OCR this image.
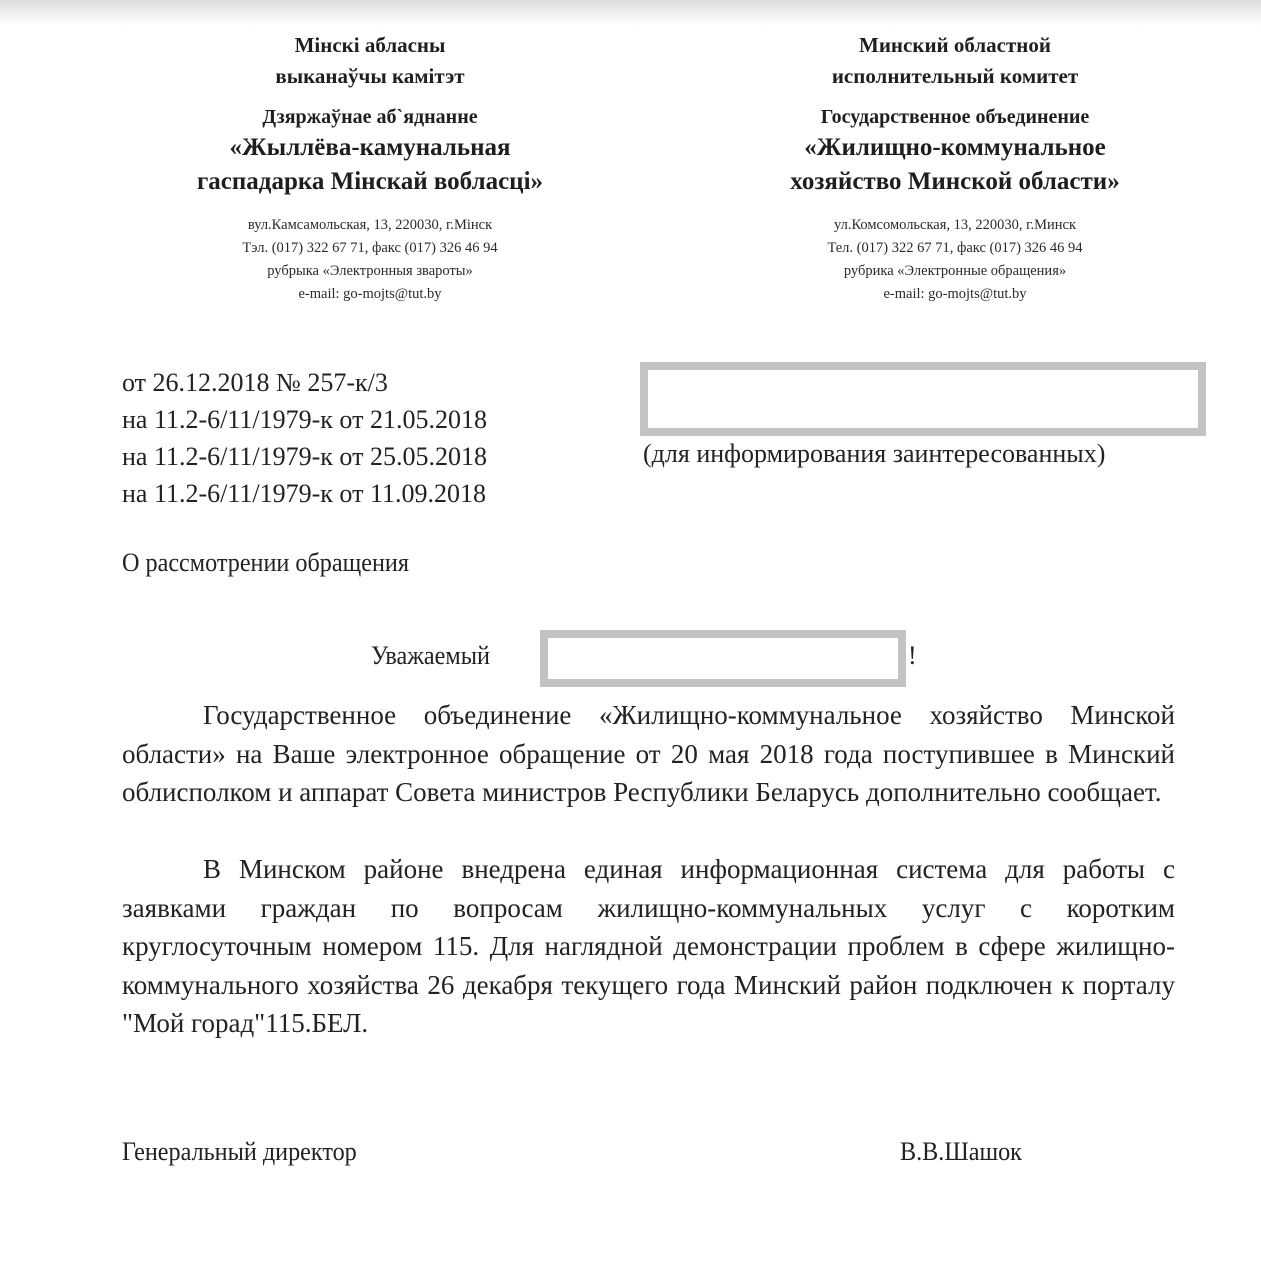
Мінскі абласны
выканаўчы камітэт
Дзяржаўнае аб`яднанне
«Жыллёва-камунальная
гаспадарка Мінскай вобласці»
вул.Камсамольская, 13, 220030, г.Мінск
Тэл. (017) 322 67 71, факс (017) 326 46 94
рубрыка «Электронныя звароты»
e-mail: go-mojts@tut.by
Минский областной
исполнительный комитет
Государственное объединение
«Жилищно-коммунальное
хозяйство Минской области»
ул.Комсомольская, 13, 220030, г.Минск
Тел. (017) 322 67 71, факс (017) 326 46 94
рубрика «Электронные обращения»
e-mail: go-mojts@tut.by
от 26.12.2018 № 257-к/3
на 11.2-6/11/1979-к от 21.05.2018
на 11.2-6/11/1979-к от 25.05.2018
на 11.2-6/11/1979-к от 11.09.2018
(для информирования заинтересованных)
О рассмотрении обращения
Уважаемый	!
Государственное объединение «Жилищно-коммунальное хозяйство Минской области» на Ваше электронное обращение от 20 мая 2018 года поступившее в Минский облисполком и аппарат Совета министров Республики Беларусь дополнительно сообщает.
В Минском районе внедрена единая информационная система для работы с заявками граждан по вопросам жилищно-коммунальных услуг с коротким круглосуточным номером 115. Для наглядной демонстрации проблем в сфере жилищно-коммунального хозяйства 26 декабря текущего года Минский район подключен к порталу "Мой горад"115.БЕЛ.
Генеральный директор	В.В.Шашок
